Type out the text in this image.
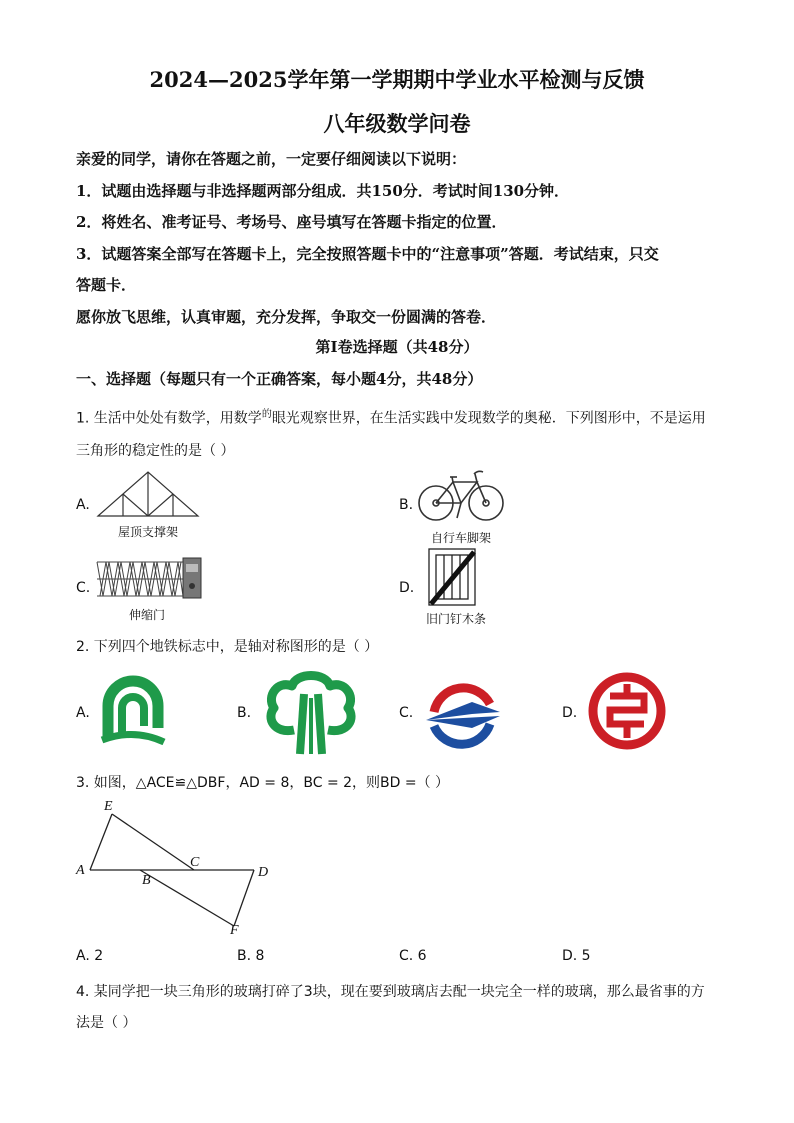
2024—2025学年第一学期期中学业水平检测与反馈
八年级数学问卷
亲爱的同学，请你在答题之前，一定要仔细阅读以下说明：
1．试题由选择题与非选择题两部分组成．共150分．考试时间130分钟．
2．将姓名、准考证号、考场号、座号填写在答题卡指定的位置．
3．试题答案全部写在答题卡上，完全按照答题卡中的“注意事项”答题．考试结束，只交
答题卡．
愿你放飞思维，认真审题，充分发挥，争取交一份圆满的答卷．
第Ⅰ卷选择题（共48分）
一、选择题（每题只有一个正确答案，每小题4分，共48分）
1. 生活中处处有数学，用数学$^的$眼光观察世界，在生活实践中发现数学的奥秘．下列图形中，不是运用
三角形的稳定性的是（ ）
A.
屋顶支撑架
B.
自行车脚架
C.
伸缩门
D.
旧门钉木条
2. 下列四个地铁标志中，是轴对称图形的是（ ）
A.	B.	C.	D.
3. 如图，△ACE≌△DBF，AD = 8，BC = 2，则BD =（ ）
E
A
B
C
D
F
A. 2	B. 8	C. 6	D. 5
4. 某同学把一块三角形的玻璃打碎了3块，现在要到玻璃店去配一块完全一样的玻璃，那么最省事的方
法是（ ）
